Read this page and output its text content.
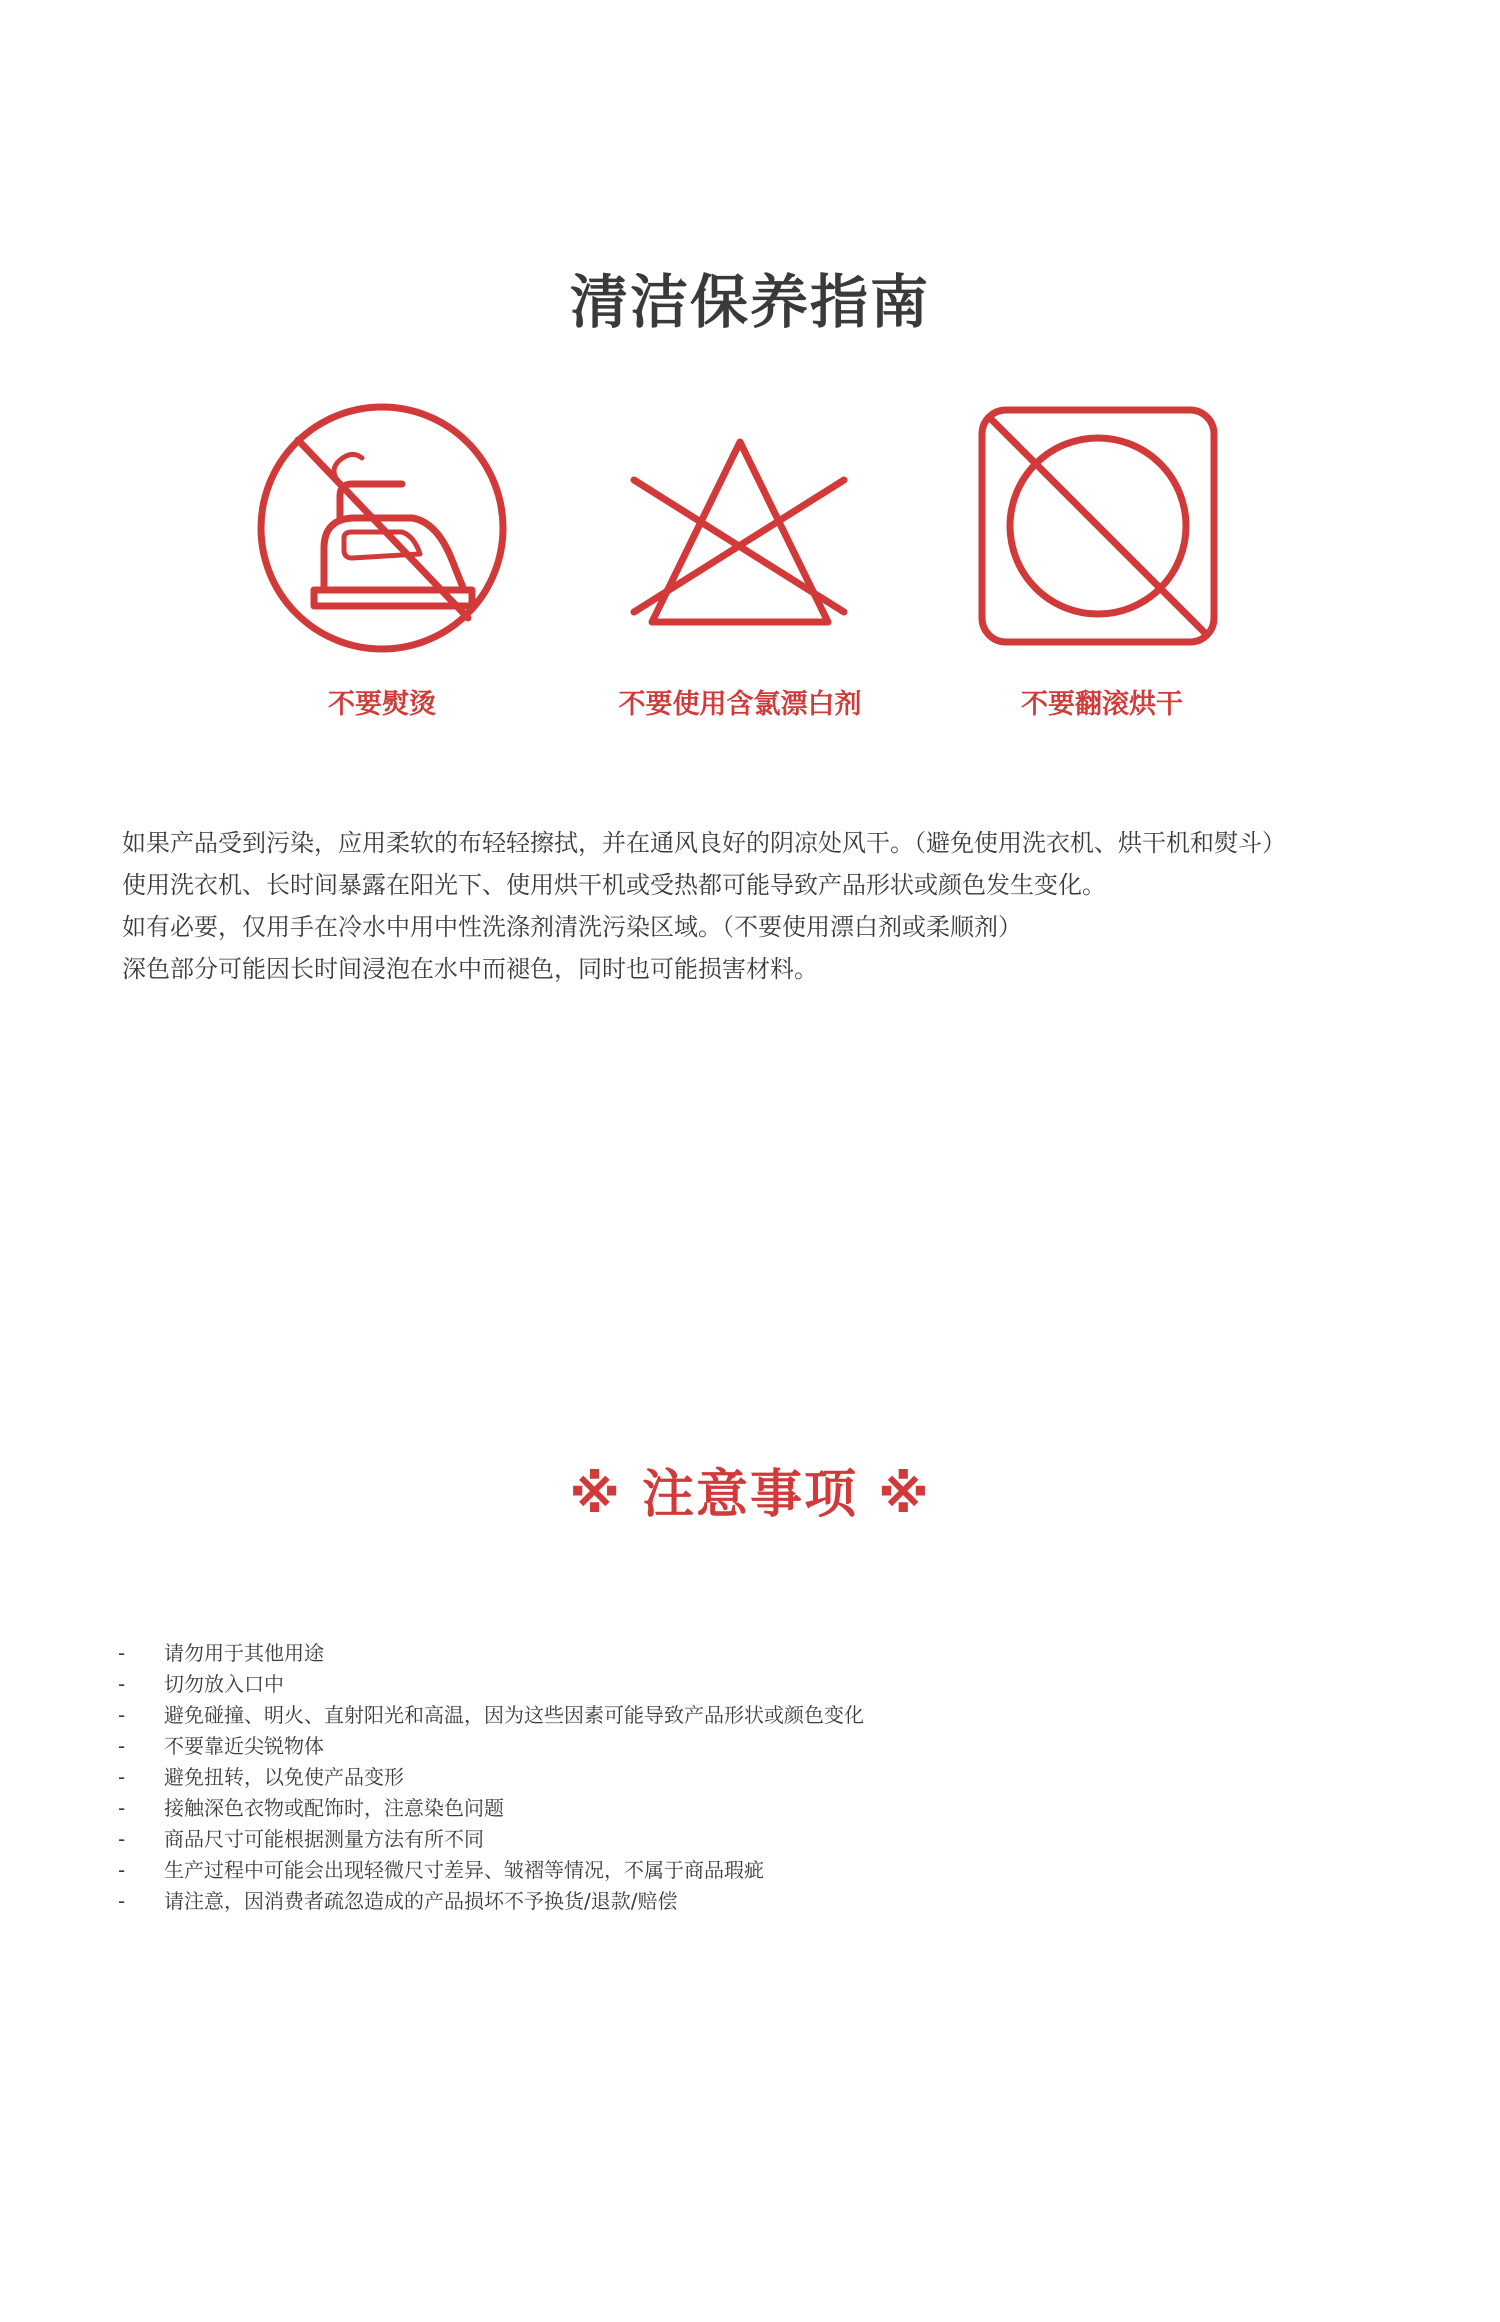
清洁保养指南
不要熨烫	不要使用含氯漂白剂	不要翻滚烘干

如果产品受到污染，应用柔软的布轻轻擦拭，并在通风良好的阴凉处风干。（避免使用洗衣机、烘干机和熨斗）

使用洗衣机、长时间暴露在阳光下、使用烘干机或受热都可能导致产品形状或颜色发生变化。

如有必要，仅用手在冷水中用中性洗涤剂清洗污染区域。（不要使用漂白剂或柔顺剂）

深色部分可能因长时间浸泡在水中而褪色，同时也可能损害材料。

※ 注意事项 ※
- 请勿用于其他用途
- 切勿放入口中
- 避免碰撞、明火、直射阳光和高温，因为这些因素可能导致产品形状或颜色变化
- 不要靠近尖锐物体
- 避免扭转，以免使产品变形
- 接触深色衣物或配饰时，注意染色问题
- 商品尺寸可能根据测量方法有所不同
- 生产过程中可能会出现轻微尺寸差异、皱褶等情况，不属于商品瑕疵
- 请注意，因消费者疏忽造成的产品损坏不予换货/退款/赔偿
